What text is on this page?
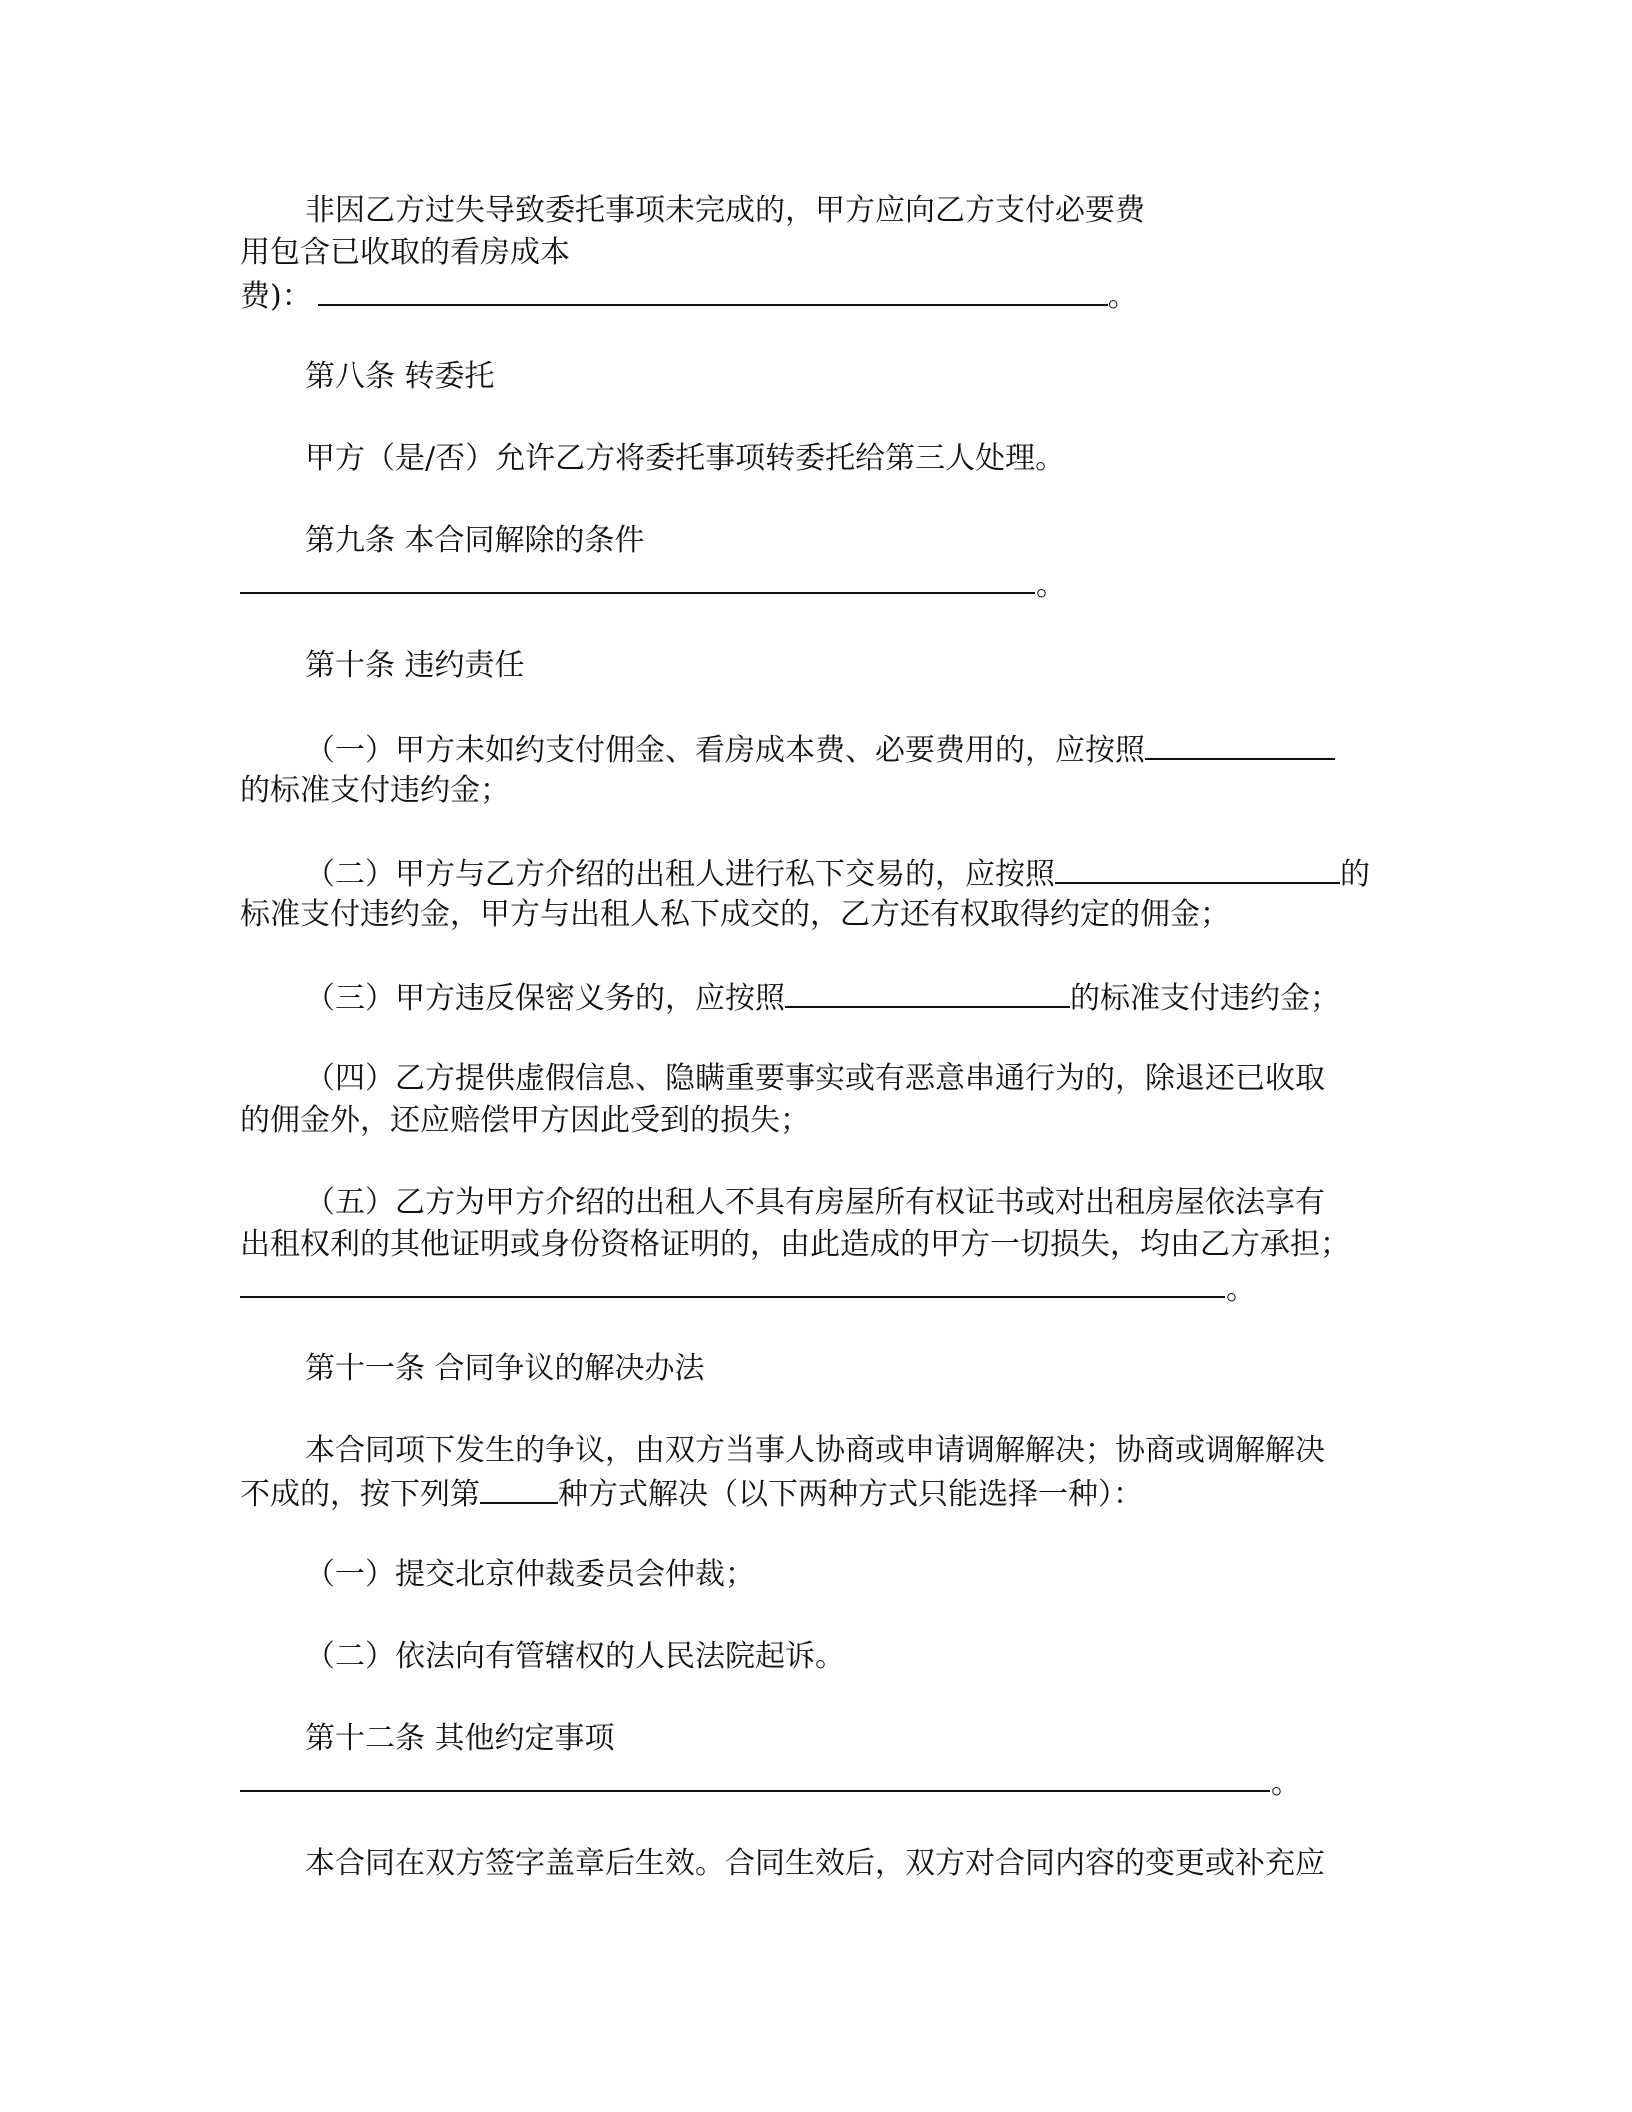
非因乙方过失导致委托事项未完成的，甲方应向乙方支付必要费
用包含已收取的看房成本
费)：	。
第八条 转委托
甲方（是/否）允许乙方将委托事项转委托给第三人处理。
第九条 本合同解除的条件
。
第十条 违约责任
（一）甲方未如约支付佣金、看房成本费、必要费用的，应按照
的标准支付违约金；
（二）甲方与乙方介绍的出租人进行私下交易的，应按照	的
标准支付违约金，甲方与出租人私下成交的，乙方还有权取得约定的佣金；
（三）甲方违反保密义务的，应按照	的标准支付违约金；
（四）乙方提供虚假信息、隐瞒重要事实或有恶意串通行为的，除退还已收取
的佣金外，还应赔偿甲方因此受到的损失；
（五）乙方为甲方介绍的出租人不具有房屋所有权证书或对出租房屋依法享有
出租权利的其他证明或身份资格证明的，由此造成的甲方一切损失，均由乙方承担；
。
第十一条 合同争议的解决办法
本合同项下发生的争议，由双方当事人协商或申请调解解决；协商或调解解决
不成的，按下列第	种方式解决（以下两种方式只能选择一种）：
（一）提交北京仲裁委员会仲裁；
（二）依法向有管辖权的人民法院起诉。
第十二条 其他约定事项
。
本合同在双方签字盖章后生效。合同生效后，双方对合同内容的变更或补充应
